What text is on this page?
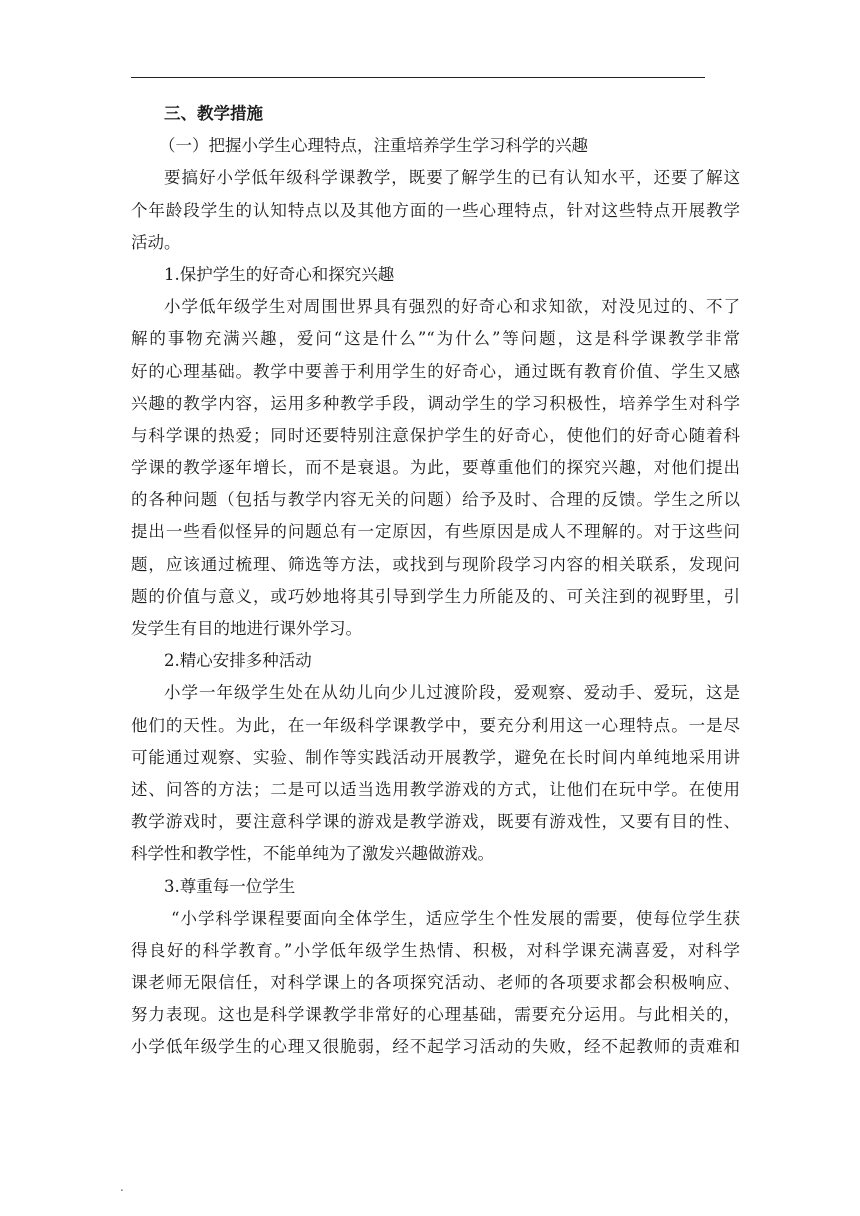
三、教学措施
（一）把握小学生心理特点，注重培养学生学习科学的兴趣
要搞好小学低年级科学课教学，既要了解学生的已有认知水平，还要了解这
个年龄段学生的认知特点以及其他方面的一些心理特点，针对这些特点开展教学
活动。
1.保护学生的好奇心和探究兴趣
小学低年级学生对周围世界具有强烈的好奇心和求知欲，对没见过的、不了
解的事物充满兴趣，爱问“这是什么”“为什么”等问题，这是科学课教学非常
好的心理基础。教学中要善于利用学生的好奇心，通过既有教育价值、学生又感
兴趣的教学内容，运用多种教学手段，调动学生的学习积极性，培养学生对科学
与科学课的热爱；同时还要特别注意保护学生的好奇心，使他们的好奇心随着科
学课的教学逐年增长，而不是衰退。为此，要尊重他们的探究兴趣，对他们提出
的各种问题（包括与教学内容无关的问题）给予及时、合理的反馈。学生之所以
提出一些看似怪异的问题总有一定原因，有些原因是成人不理解的。对于这些问
题，应该通过梳理、筛选等方法，或找到与现阶段学习内容的相关联系，发现问
题的价值与意义，或巧妙地将其引导到学生力所能及的、可关注到的视野里，引
发学生有目的地进行课外学习。
2.精心安排多种活动
小学一年级学生处在从幼儿向少儿过渡阶段，爱观察、爱动手、爱玩，这是
他们的天性。为此，在一年级科学课教学中，要充分利用这一心理特点。一是尽
可能通过观察、实验、制作等实践活动开展教学，避免在长时间内单纯地采用讲
述、问答的方法；二是可以适当选用教学游戏的方式，让他们在玩中学。在使用
教学游戏时，要注意科学课的游戏是教学游戏，既要有游戏性，又要有目的性、
科学性和教学性，不能单纯为了激发兴趣做游戏。
3.尊重每一位学生
“小学科学课程要面向全体学生，适应学生个性发展的需要，使每位学生获
得良好的科学教育。”小学低年级学生热情、积极，对科学课充满喜爱，对科学
课老师无限信任，对科学课上的各项探究活动、老师的各项要求都会积极响应、
努力表现。这也是科学课教学非常好的心理基础，需要充分运用。与此相关的，
小学低年级学生的心理又很脆弱，经不起学习活动的失败，经不起教师的责难和
.
